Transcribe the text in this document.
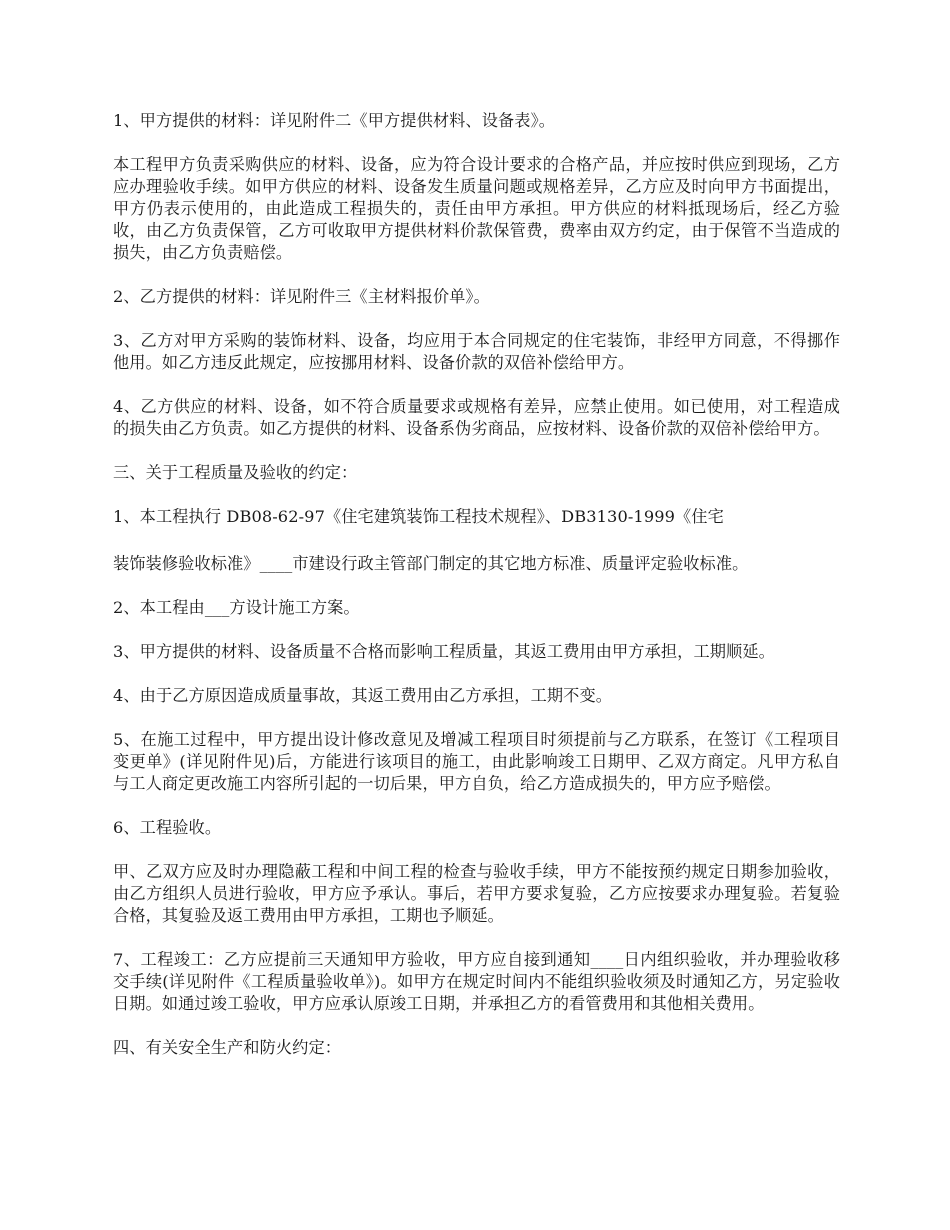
1、甲方提供的材料：详见附件二《甲方提供材料、设备表》。

本工程甲方负责采购供应的材料、设备，应为符合设计要求的合格产品，并应按时供应到现场，乙方应办理验收手续。如甲方供应的材料、设备发生质量问题或规格差异，乙方应及时向甲方书面提出，甲方仍表示使用的，由此造成工程损失的，责任由甲方承担。甲方供应的材料抵现场后，经乙方验收，由乙方负责保管，乙方可收取甲方提供材料价款保管费，费率由双方约定，由于保管不当造成的损失，由乙方负责赔偿。

2、乙方提供的材料：详见附件三《主材料报价单》。

3、乙方对甲方采购的装饰材料、设备，均应用于本合同规定的住宅装饰，非经甲方同意，不得挪作他用。如乙方违反此规定，应按挪用材料、设备价款的双倍补偿给甲方。

4、乙方供应的材料、设备，如不符合质量要求或规格有差异，应禁止使用。如已使用，对工程造成的损失由乙方负责。如乙方提供的材料、设备系伪劣商品，应按材料、设备价款的双倍补偿给甲方。

三、关于工程质量及验收的约定：

1、本工程执行 DB08-62-97《住宅建筑装饰工程技术规程》、DB3130-1999《住宅

装饰装修验收标准》____市建设行政主管部门制定的其它地方标准、质量评定验收标准。

2、本工程由___方设计施工方案。

3、甲方提供的材料、设备质量不合格而影响工程质量，其返工费用由甲方承担，工期顺延。

4、由于乙方原因造成质量事故，其返工费用由乙方承担，工期不变。

5、在施工过程中，甲方提出设计修改意见及增减工程项目时须提前与乙方联系，在签订《工程项目变更单》(详见附件见)后，方能进行该项目的施工，由此影响竣工日期甲、乙双方商定。凡甲方私自与工人商定更改施工内容所引起的一切后果，甲方自负，给乙方造成损失的，甲方应予赔偿。

6、工程验收。

甲、乙双方应及时办理隐蔽工程和中间工程的检查与验收手续，甲方不能按预约规定日期参加验收，由乙方组织人员进行验收，甲方应予承认。事后，若甲方要求复验，乙方应按要求办理复验。若复验合格，其复验及返工费用由甲方承担，工期也予顺延。

7、工程竣工：乙方应提前三天通知甲方验收，甲方应自接到通知____日内组织验收，并办理验收移交手续(详见附件《工程质量验收单》)。如甲方在规定时间内不能组织验收须及时通知乙方，另定验收日期。如通过竣工验收，甲方应承认原竣工日期，并承担乙方的看管费用和其他相关费用。

四、有关安全生产和防火约定：
